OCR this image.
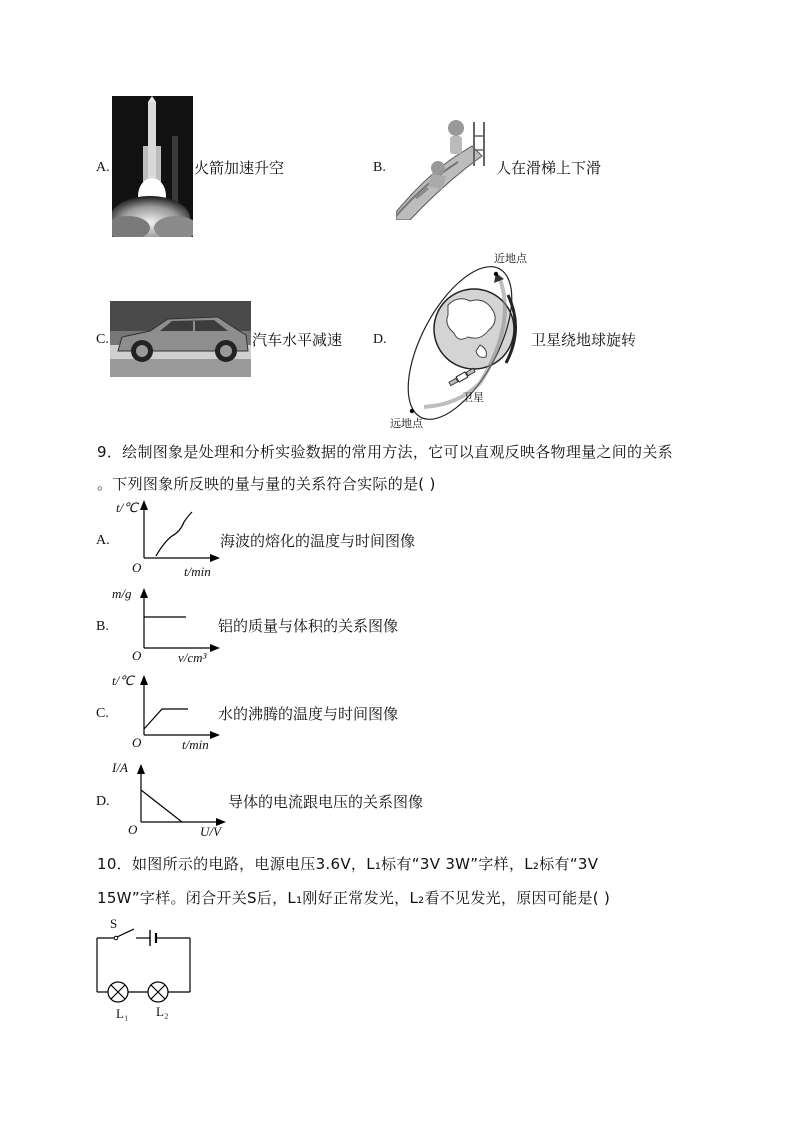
A.	火箭加速升空	B.	人在滑梯上下滑
C.	汽车水平减速 D.
近地点
卫星
远地点
卫星绕地球旋转
9．绘制图象是处理和分析实验数据的常用方法，它可以直观反映各物理量之间的关系
。下列图象所反映的量与量的关系符合实际的是( )
A.
t/℃
O	t/min
海波的熔化的温度与时间图像
B.
m/g
O	v/cm³
铝的质量与体积的关系图像
C.
t/℃
O	t/min
水的沸腾的温度与时间图像
D.
I/A
O	U/V
导体的电流跟电压的关系图像
10．如图所示的电路，电源电压3.6V，L₁标有“3V 3W”字样，L₂标有“3V
15W”字样。闭合开关S后，L₁刚好正常发光，L₂看不见发光，原因可能是( )
S
L₁ L₂
